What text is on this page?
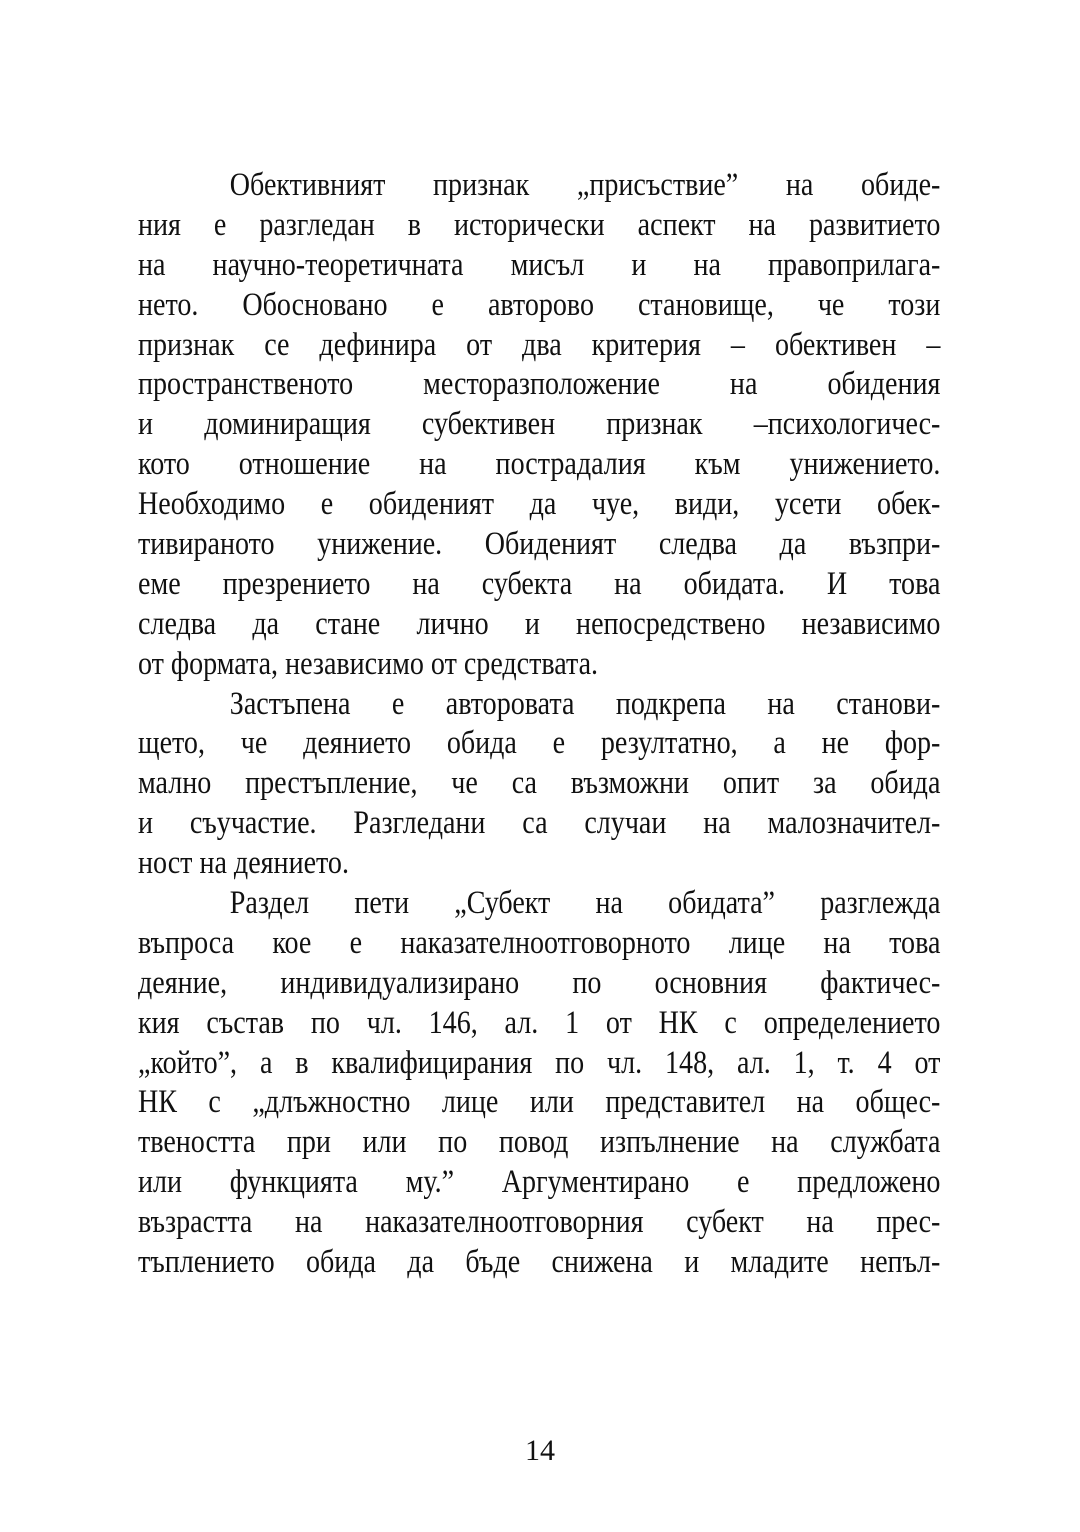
Обективният признак „присъствие” на обиде-
ния е разгледан в исторически аспект на развитието
на научно-теоретичната мисъл и на правоприлага-
нето. Обосновано е авторово становище, че този
признак се дефинира от два критерия – обективен –
пространственото месторазположение на обидения
и доминиращия субективен признак –психологичес-
кото отношение на пострадалия към унижението.
Необходимо е обиденият да чуе, види, усети обек-
тивираното унижение. Обиденият следва да възпри-
еме презрението на субекта на обидата. И това
следва да стане лично и непосредствено независимо
от формата, независимо от средствата.
Застъпена е авторовата подкрепа на станови-
щето, че деянието обида е резултатно, а не фор-
мално престъпление, че са възможни опит за обида
и съучастие. Разгледани са случаи на малозначител-
ност на деянието.
Раздел пети „Субект на обидата” разглежда
въпроса кое е наказателноотговорното лице на това
деяние, индивидуализирано по основния фактичес-
кия състав по чл. 146, ал. 1 от НК с определението
„който”, а в квалифицирания по чл. 148, ал. 1, т. 4 от
НК с „длъжностно лице или представител на общес-
твеността при или по повод изпълнение на службата
или функцията му.” Аргументирано е предложено
възрастта на наказателноотговорния субект на прес-
тъплението обида да бъде снижена и младите непъл-
14
